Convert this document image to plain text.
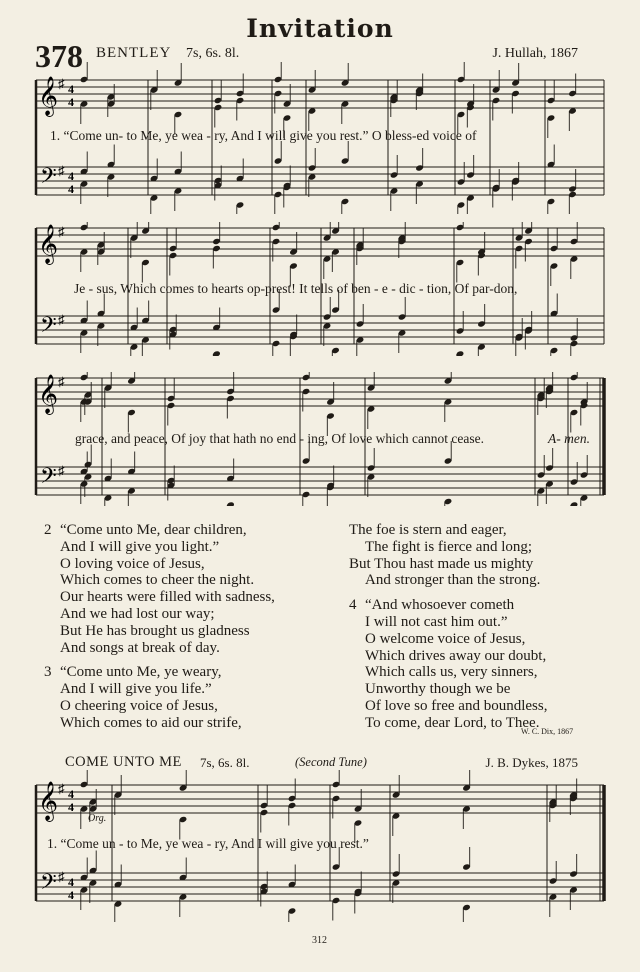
Invitation
378 BENTLEY 7s, 6s. 8l.	J. Hullah, 1867
𝄞
𝄢
♯ 4
4
♯ 4
4
1. “Come un- to Me, ye wea - ry, And I will give you rest.” O bless-ed voice of
𝄞
𝄢
♯
♯
Je - sus, Which comes to hearts op-prest! It tells of ben - e - dic - tion, Of par-don,
𝄞
𝄢
♯
♯
grace, and peace, Of joy that hath no end - ing, Of love which cannot cease.	A- men.
2 “Come unto Me, dear children,
And I will give you light.”
O loving voice of Jesus,
Which comes to cheer the night.
Our hearts were filled with sadness,
And we had lost our way;
But He has brought us gladness
And songs at break of day.
3 “Come unto Me, ye weary,
And I will give you life.”
O cheering voice of Jesus,
Which comes to aid our strife,
The foe is stern and eager,
The fight is fierce and long;
But Thou hast made us mighty
And stronger than the strong.
4 “And whosoever cometh
I will not cast him out.”
O welcome voice of Jesus,
Which drives away our doubt,
Which calls us, very sinners,
Unworthy though we be
Of love so free and boundless,
To come, dear Lord, to Thee.
W. C. Dix, 1867
COME UNTO ME 7s, 6s. 8l.	(Second Tune)	J. B. Dykes, 1875
𝄞
𝄢
♯ 4
4
♯ 4
4
Org.
1. “Come un - to Me, ye wea - ry, And I will give you rest.”
312
